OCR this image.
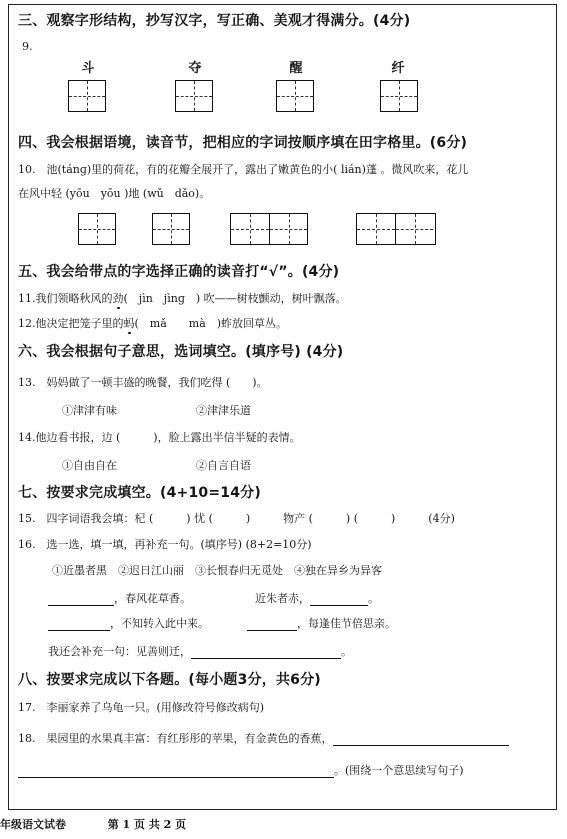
三、观察字形结构，抄写汉字，写正确、美观才得满分。(4分)
9.
斗	夺	醒	纤
四、我会根据语境，读音节，把相应的字词按顺序填在田字格里。(6分)
10.　池(tánɡ)里的荷花，有的花瓣全展开了，露出了嫩黄色的小( lián)蓬 。微风吹来，花儿
在风中轻 (yōu　yōu )地 (wǔ　dǎo)。
五、我会给带点的字选择正确的读音打“√”。(4分)
11.我们领略秋风的劲(　jìn　jìnɡ　) 吹——树枝颤动，树叶飘落。
12.他决定把笼子里的蚂(　mǎ　　mà　)蚱放回草丛。
六、我会根据句子意思，选词填空。(填序号) (4分)
13.　妈妈做了一顿丰盛的晚餐，我们吃得 (　　)。
①津津有味	②津津乐道
14.他边看书报，边 (　　　)，脸上露出半信半疑的表情。
①自由自在	②自言自语
七、按要求完成填空。(4+10=14分)
15.　四字词语我会填：杞 (　　　) 忧 (　　　)　　　物产 (　　　) (　　　)　　　(4分)
16.　选一选，填一填，再补充一句。(填序号) (8+2=10分)
①近墨者黑　②迟日江山丽　③长恨春归无觅处　④独在异乡为异客
，春风花草香。	近朱者赤，	。
，不知转入此中来。	，每逢佳节倍思亲。
我还会补充一句：见善则迁，	。
八、按要求完成以下各题。(每小题3分，共6分)
17.　李丽家养了乌龟一只。(用修改符号修改病句)
18.　果园里的水果真丰富：有红彤彤的苹果，有金黄色的香蕉，
。(围绕一个意思续写句子)
年级语文试卷	第 1 页 共 2 页
